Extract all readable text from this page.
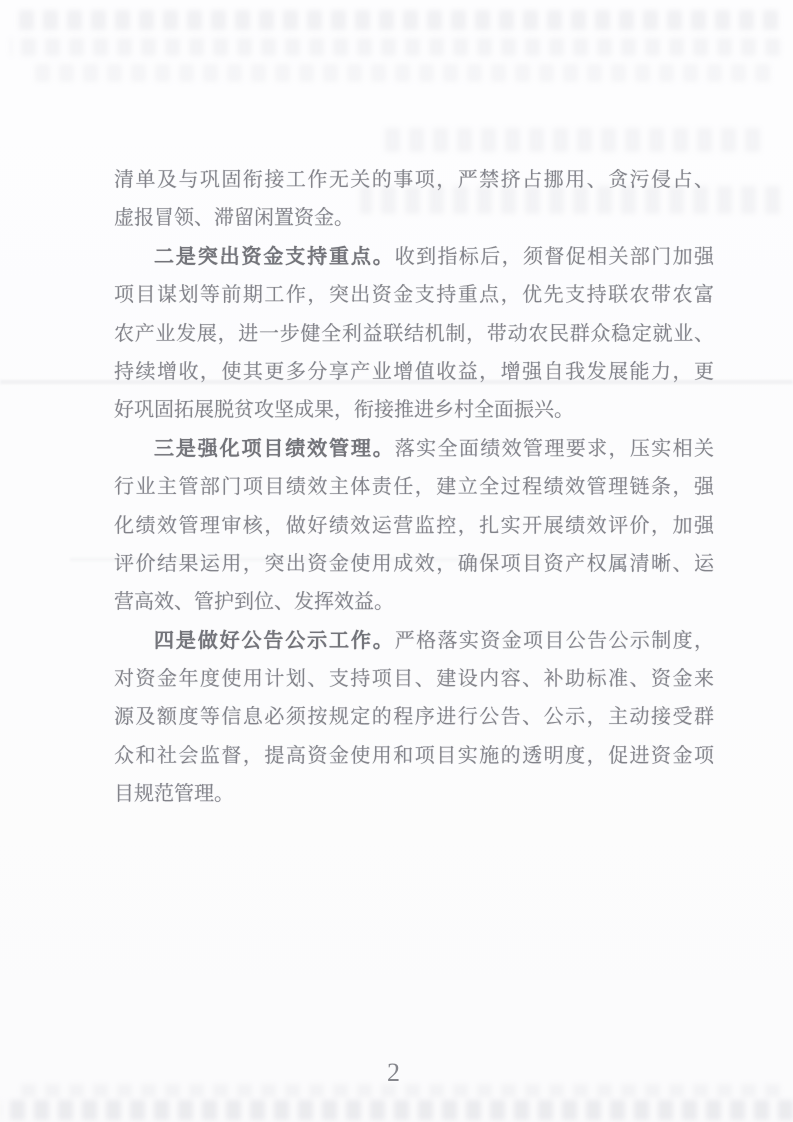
清单及与巩固衔接工作无关的事项，严禁挤占挪用、贪污侵占、
虚报冒领、滞留闲置资金。
二是突出资金支持重点。收到指标后，须督促相关部门加强
项目谋划等前期工作，突出资金支持重点，优先支持联农带农富
农产业发展，进一步健全利益联结机制，带动农民群众稳定就业、
持续增收，使其更多分享产业增值收益，增强自我发展能力，更
好巩固拓展脱贫攻坚成果，衔接推进乡村全面振兴。
三是强化项目绩效管理。落实全面绩效管理要求，压实相关
行业主管部门项目绩效主体责任，建立全过程绩效管理链条，强
化绩效管理审核，做好绩效运营监控，扎实开展绩效评价，加强
评价结果运用，突出资金使用成效，确保项目资产权属清晰、运
营高效、管护到位、发挥效益。
四是做好公告公示工作。严格落实资金项目公告公示制度，
对资金年度使用计划、支持项目、建设内容、补助标准、资金来
源及额度等信息必须按规定的程序进行公告、公示，主动接受群
众和社会监督，提高资金使用和项目实施的透明度，促进资金项
目规范管理。
2
